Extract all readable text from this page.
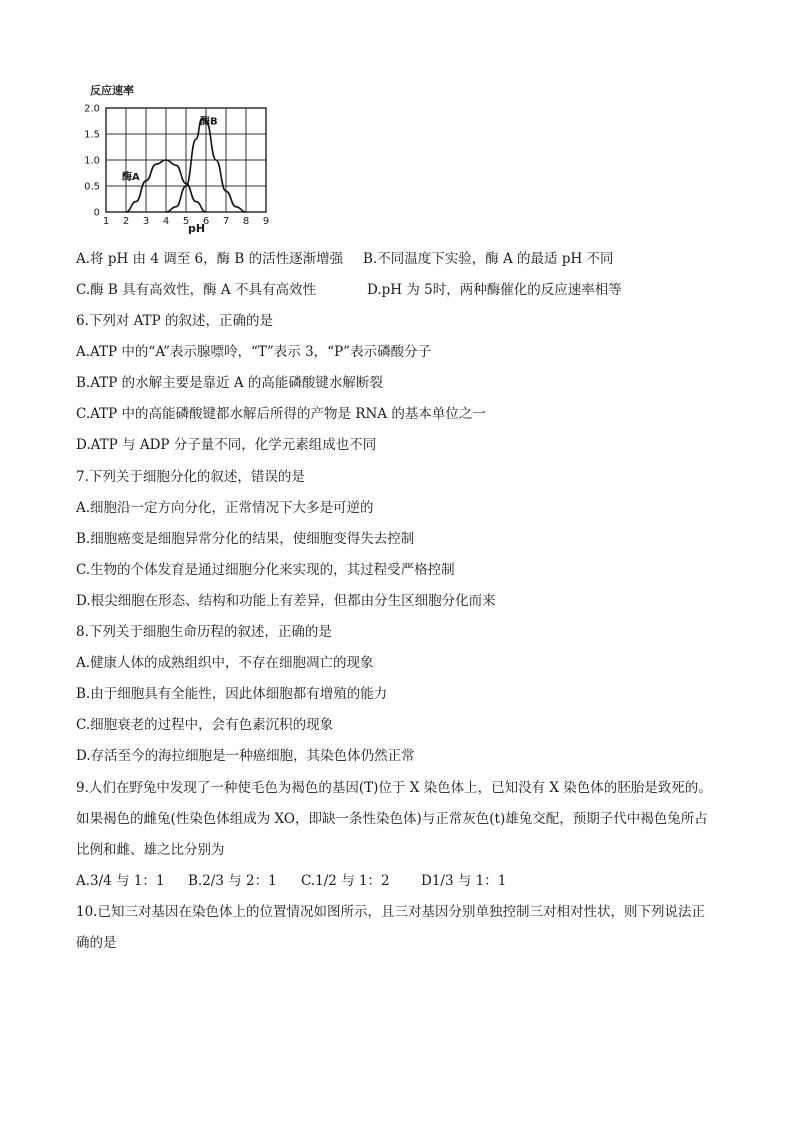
反应速率
pH
1 2 3 4 5 6 7 8 9
0
0.5
1.0
1.5
2.0
酶A
酶B
A.将 pH 由 4 调至 6，酶 B 的活性逐渐增强 B.不同温度下实验，酶 A 的最适 pH 不同
C.酶 B 具有高效性，酶 A 不具有高效性	D.pH 为 5时，两种酶催化的反应速率相等
6.下列对 ATP 的叙述，正确的是
A.ATP 中的“A”表示腺嘌呤，“T”表示 3，“P”表示磷酸分子
B.ATP 的水解主要是靠近 A 的高能磷酸键水解断裂
C.ATP 中的高能磷酸键都水解后所得的产物是 RNA 的基本单位之一
D.ATP 与 ADP 分子量不同，化学元素组成也不同
7.下列关于细胞分化的叙述，错误的是
A.细胞沿一定方向分化，正常情况下大多是可逆的
B.细胞癌变是细胞异常分化的结果，使细胞变得失去控制
C.生物的个体发育是通过细胞分化来实现的，其过程受严格控制
D.根尖细胞在形态、结构和功能上有差异，但都由分生区细胞分化而来
8.下列关于细胞生命历程的叙述，正确的是
A.健康人体的成熟组织中，不存在细胞凋亡的现象
B.由于细胞具有全能性，因此体细胞都有增殖的能力
C.细胞衰老的过程中，会有色素沉积的现象
D.存活至今的海拉细胞是一种癌细胞，其染色体仍然正常
9.人们在野兔中发现了一种使毛色为褐色的基因(T)位于 X 染色体上，已知没有 X 染色体的胚胎是致死的。
如果褐色的雌兔(性染色体组成为 XO，即缺一条性染色体)与正常灰色(t)雄兔交配，预期子代中褐色兔所占
比例和雌、雄之比分别为
A.3/4 与 1：1 B.2/3 与 2：1 C.1/2 与 1：2 D1/3 与 1：1
10.已知三对基因在染色体上的位置情况如图所示，且三对基因分别单独控制三对相对性状，则下列说法正
确的是
